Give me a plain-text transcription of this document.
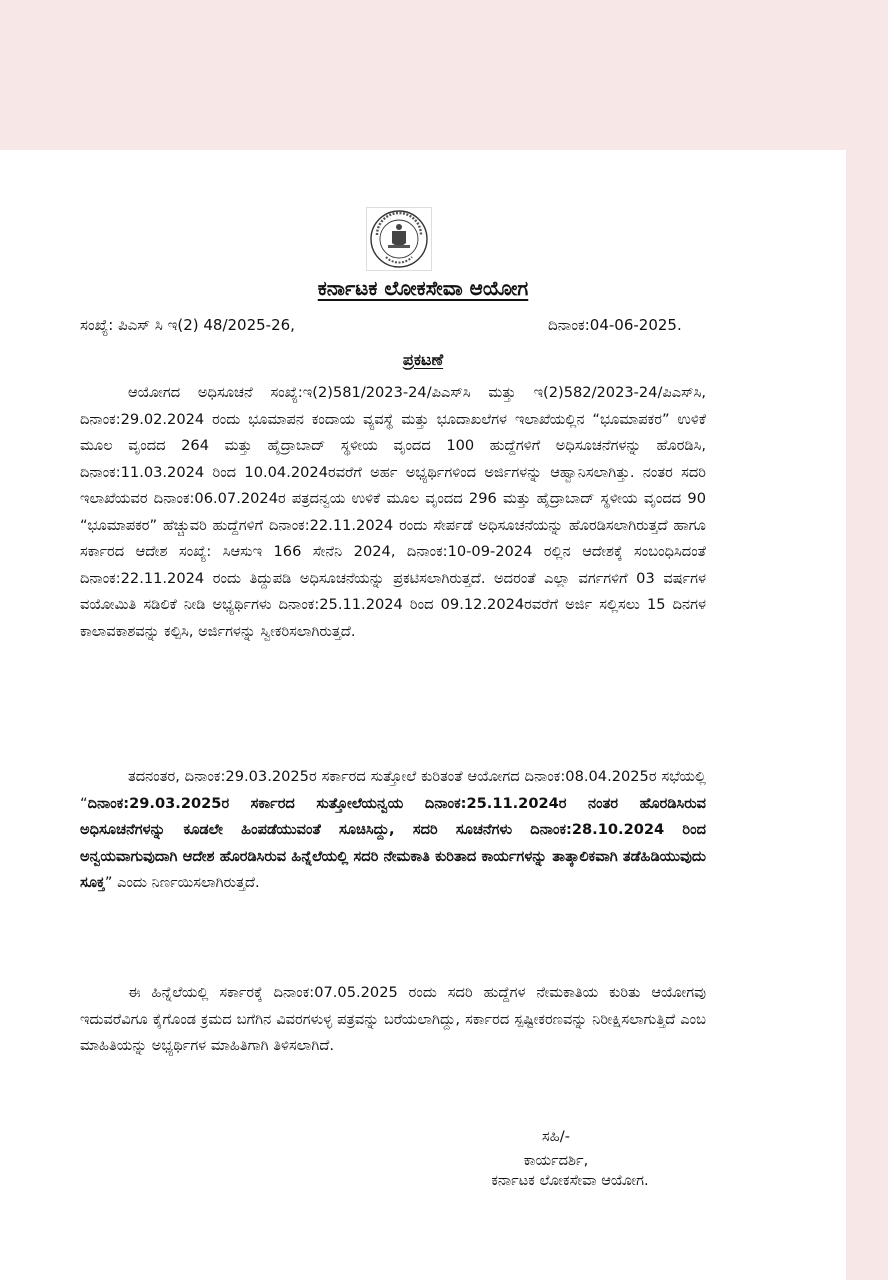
ಕರ್ನಾಟಕ ಲೋಕಸೇವಾ ಆಯೋಗ
ಸಂಖ್ಯೆ: ಪಿಎಸ್ ಸಿ ಇ(2) 48/2025-26,	ದಿನಾಂಕ:04-06-2025.
ಪ್ರಕಟಣೆ
ಆಯೋಗದ ಅಧಿಸೂಚನೆ ಸಂಖ್ಯೆ:ಇ(2)581/2023-24/ಪಿಎಸ್‌ಸಿ ಮತ್ತು ಇ(2)582/2023-24/ಪಿಎಸ್‌ಸಿ, ದಿನಾಂಕ:29.02.2024 ರಂದು ಭೂಮಾಪನ ಕಂದಾಯ ವ್ಯವಸ್ಥೆ ಮತ್ತು ಭೂದಾಖಲೆಗಳ ಇಲಾಖೆಯಲ್ಲಿನ “ಭೂಮಾಪಕರ” ಉಳಿಕೆ ಮೂಲ ವೃಂದದ 264 ಮತ್ತು ಹೈದ್ರಾಬಾದ್ ಸ್ಥಳೀಯ ವೃಂದದ 100 ಹುದ್ದೆಗಳಿಗೆ ಅಧಿಸೂಚನೆಗಳನ್ನು ಹೊರಡಿಸಿ, ದಿನಾಂಕ:11.03.2024 ರಿಂದ 10.04.2024ರವರೆಗೆ ಅರ್ಹ ಅಭ್ಯರ್ಥಿಗಳಿಂದ ಅರ್ಜಿಗಳನ್ನು ಆಹ್ವಾನಿಸಲಾಗಿತ್ತು. ನಂತರ ಸದರಿ ಇಲಾಖೆಯವರ ದಿನಾಂಕ:06.07.2024ರ ಪತ್ರದನ್ವಯ ಉಳಿಕೆ ಮೂಲ ವೃಂದದ 296 ಮತ್ತು ಹೈದ್ರಾಬಾದ್ ಸ್ಥಳೀಯ ವೃಂದದ 90 “ಭೂಮಾಪಕರ” ಹೆಚ್ಚುವರಿ ಹುದ್ದೆಗಳಿಗೆ ದಿನಾಂಕ:22.11.2024 ರಂದು ಸೇರ್ಪಡೆ ಅಧಿಸೂಚನೆಯನ್ನು ಹೊರಡಿಸಲಾಗಿರುತ್ತದೆ ಹಾಗೂ ಸರ್ಕಾರದ ಆದೇಶ ಸಂಖ್ಯೆ: ಸಿಆಸುಇ 166 ಸೇನೆನಿ 2024, ದಿನಾಂಕ:10-09-2024 ರಲ್ಲಿನ ಆದೇಶಕ್ಕೆ ಸಂಬಂಧಿಸಿದಂತೆ ದಿನಾಂಕ:22.11.2024 ರಂದು ತಿದ್ದುಪಡಿ ಅಧಿಸೂಚನೆಯನ್ನು ಪ್ರಕಟಿಸಲಾಗಿರುತ್ತದೆ. ಅದರಂತೆ ಎಲ್ಲಾ ವರ್ಗಗಳಿಗೆ 03 ವರ್ಷಗಳ ವಯೋಮಿತಿ ಸಡಿಲಿಕೆ ನೀಡಿ ಅಭ್ಯರ್ಥಿಗಳು ದಿನಾಂಕ:25.11.2024 ರಿಂದ 09.12.2024ರವರೆಗೆ ಅರ್ಜಿ ಸಲ್ಲಿಸಲು 15 ದಿನಗಳ ಕಾಲಾವಕಾಶವನ್ನು ಕಲ್ಪಿಸಿ, ಅರ್ಜಿಗಳನ್ನು ಸ್ವೀಕರಿಸಲಾಗಿರುತ್ತದೆ.
ತದನಂತರ, ದಿನಾಂಕ:29.03.2025ರ ಸರ್ಕಾರದ ಸುತ್ತೋಲೆ ಕುರಿತಂತೆ ಆಯೋಗದ ದಿನಾಂಕ:08.04.2025ರ ಸಭೆಯಲ್ಲಿ “ದಿನಾಂಕ:29.03.2025ರ ಸರ್ಕಾರದ ಸುತ್ತೋಲೆಯನ್ವಯ ದಿನಾಂಕ:25.11.2024ರ ನಂತರ ಹೊರಡಿಸಿರುವ ಅಧಿಸೂಚನೆಗಳನ್ನು ಕೂಡಲೇ ಹಿಂಪಡೆಯುವಂತೆ ಸೂಚಿಸಿದ್ದು, ಸದರಿ ಸೂಚನೆಗಳು ದಿನಾಂಕ:28.10.2024 ರಿಂದ ಅನ್ವಯವಾಗುವುದಾಗಿ ಆದೇಶ ಹೊರಡಿಸಿರುವ ಹಿನ್ನೆಲೆಯಲ್ಲಿ ಸದರಿ ನೇಮಕಾತಿ ಕುರಿತಾದ ಕಾರ್ಯಗಳನ್ನು ತಾತ್ಕಾಲಿಕವಾಗಿ ತಡೆಹಿಡಿಯುವುದು ಸೂಕ್ತ” ಎಂದು ನಿರ್ಣಯಿಸಲಾಗಿರುತ್ತದೆ.
ಈ ಹಿನ್ನೆಲೆಯಲ್ಲಿ ಸರ್ಕಾರಕ್ಕೆ ದಿನಾಂಕ:07.05.2025 ರಂದು ಸದರಿ ಹುದ್ದೆಗಳ ನೇಮಕಾತಿಯ ಕುರಿತು ಆಯೋಗವು ಇದುವರೆವಿಗೂ ಕೈಗೊಂಡ ಕ್ರಮದ ಬಗೆಗಿನ ವಿವರಗಳುಳ್ಳ ಪತ್ರವನ್ನು ಬರೆಯಲಾಗಿದ್ದು, ಸರ್ಕಾರದ ಸ್ಪಷ್ಟೀಕರಣವನ್ನು ನಿರೀಕ್ಷಿಸಲಾಗುತ್ತಿದೆ ಎಂಬ ಮಾಹಿತಿಯನ್ನು ಅಭ್ಯರ್ಥಿಗಳ ಮಾಹಿತಿಗಾಗಿ ತಿಳಿಸಲಾಗಿದೆ.
ಸಹಿ/-
ಕಾರ್ಯದರ್ಶಿ,
ಕರ್ನಾಟಕ ಲೋಕಸೇವಾ ಆಯೋಗ.
